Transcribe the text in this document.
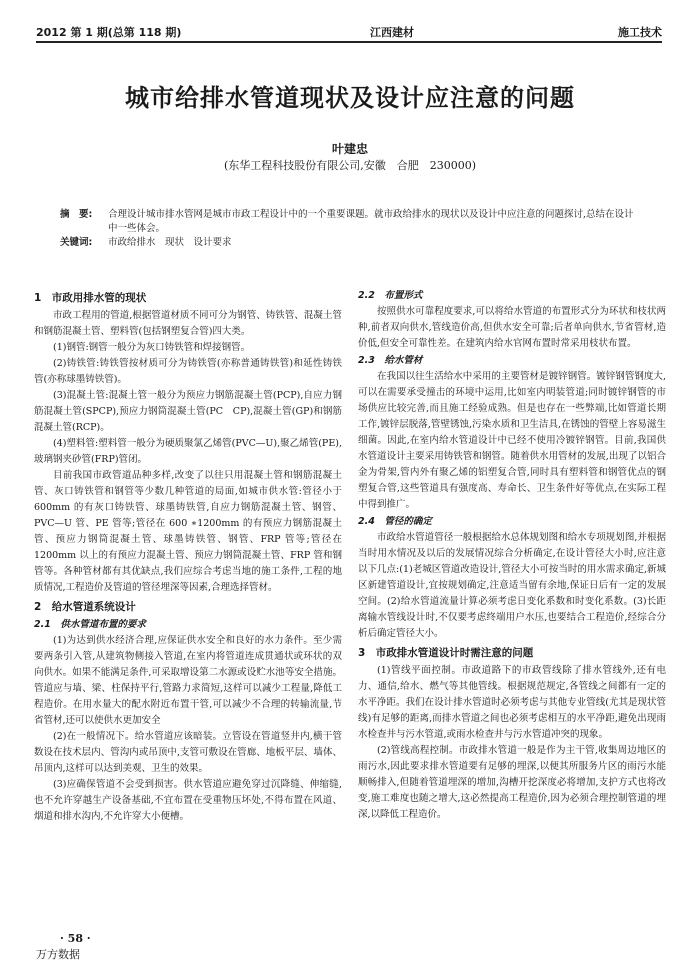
2012 第 1 期(总第 118 期)	江西建材	施工技术
城市给排水管道现状及设计应注意的问题
叶建忠
(东华工程科技股份有限公司,安徽　合肥　230000)
摘　要: 合理设计城市排水管网是城市市政工程设计中的一个重要课题。就市政给排水的现状以及设计中应注意的问题探讨,总结在设计中一些体会。
关键词: 市政给排水　现状　设计要求
1　市政用排水管的现状

市政工程用的管道,根据管道材质不同可分为钢管、铸铁管、混凝土管和钢筋混凝土管、塑料管(包括钢塑复合管)四大类。

(1)钢管:钢管一般分为灰口铸铁管和焊接钢管。

(2)铸铁管:铸铁管按材质可分为铸铁管(亦称普通铸铁管)和延性铸铁管(亦称球墨铸铁管)。

(3)混凝土管:混凝土管一般分为预应力钢筋混凝土管(PCP),自应力钢筋混凝土管(SPCP),预应力钢筒混凝土管(PC　CP),混凝土管(GP)和钢筋混凝土管(RCP)。

(4)塑料管:塑料管一般分为硬质聚氯乙烯管(PVC—U),聚乙烯管(PE),玻璃钢夹砂管(FRP)管闭。

目前我国市政管道品种多样,改变了以往只用混凝土管和钢筋混凝土管、灰口铸铁管和钢管等少数几种管道的局面,如城市供水管:管径小于 600mm 的有灰口铸铁管、球墨铸铁管,自应力钢筋混凝土管、钢管、PVC—U 管、PE 管等;管径在 600 ∗1200mm 的有预应力钢筋混凝土管、预应力钢筒混凝土管、球墨铸铁管、钢管、FRP 管等;管径在 1200mm 以上的有预应力混凝土管、预应力钢筒混凝土管、FRP 管和钢管等。各种管材都有其优缺点,我们应综合考虑当地的施工条件,工程的地质情况,工程造价及管道的管径埋深等因素,合理选择管材。

2　给水管道系统设计
2.1　供水管道布置的要求

(1)为达到供水经济合理,应保证供水安全和良好的水力条件。至少需要两条引入管,从建筑物侧接入管道,在室内将管道连成贯通状或环状的双向供水。如果不能满足条件,可采取增设第二水源或设贮水池等安全措施。管道应与墙、梁、柱保持平行,管路力求简短,这样可以减少工程量,降低工程造价。在用水量大的配水附近布置干管,可以减少不合理的转输流量,节省管材,还可以使供水更加安全

(2)在一般情况下。给水管道应该暗装。立管设在管道竖井内,横干管数设在技术层内、管沟内或吊顶中,支管可敷设在管廊、地板平层、墙体、吊顶内,这样可以达到美观、卫生的效果。

(3)应确保管道不会受到损害。供水管道应避免穿过沉降缝、伸缩缝,也不允许穿越生产设备基础,不宜布置在受重物压坏处,不得布置在风道、烟道和排水沟内,不允许穿大小便槽。

2.2　布置形式

按照供水可靠程度要求,可以将给水管道的布置形式分为环状和枝状两种,前者双向供水,管线造价高,但供水安全可靠;后者单向供水,节省管材,造价低,但安全可靠性差。在建筑内给水官网布置时常采用枝状布置。

2.3　给水管材

在我国以往生活给水中采用的主要管材是镀锌钢管。镀锌钢管钢度大,可以在需要承受撞击的环境中运用,比如室内明装管道;同时镀锌钢管的市场供应比较完善,而且施工经验成熟。但是也存在一些弊端,比如管道长期工作,镀锌层脱落,管壁锈蚀,污染水质和卫生洁具,在锈蚀的管壁上容易滋生细菌。因此,在室内给水管道设计中已经不使用冷镀锌钢管。目前,我国供水管道设计主要采用铸铁管和钢管。随着供水用管材的发展,出现了以铝合金为骨架,管内外有聚乙烯的铝塑复合管,同时具有塑料管和钢管优点的钢塑复合管,这些管道具有强度高、寿命长、卫生条件好等优点,在实际工程中得到推广。

2.4　管径的确定

市政给水管道管径一般根据给水总体规划图和给水专项规划图,并根据当时用水情况及以后的发展情况综合分析确定,在设计管径大小时,应注意以下几点:(1)老城区管道改造设计,管径大小可按当时的用水需求确定,新城区新建管道设计,宜按规划确定,注意适当留有余地,保证日后有一定的发展空间。(2)给水管道流量计算必须考虑日变化系数和时变化系数。(3)长距离输水管线设计时,不仅要考虑终端用户水压,也要结合工程造价,经综合分析后确定管径大小。

3　市政排水管道设计时需注意的问题

(1)管线平面控制。市政道路下的市政管线除了排水管线外,还有电力、通信,给水、燃气等其他管线。根据规范规定,各管线之间都有一定的水平净距。我们在设计排水管道时必须考虑与其他专业管线(尤其是现状管线)有足够的距离,而排水管道之间也必须考虑相互的水平净距,避免出现雨水检查井与污水管道,或雨水检查井与污水管道冲突的现象。

(2)管线高程控制。市政排水管道一般是作为主干管,收集周边地区的雨污水,因此要求排水管道要有足够的埋深,以便其所服务片区的雨污水能顺畅排入,但随着管道埋深的增加,沟槽开挖深度必将增加,支护方式也将改变,施工难度也随之增大,这必然提高工程造价,因为必须合理控制管道的埋深,以降低工程造价。

· 58 ·
万方数据
